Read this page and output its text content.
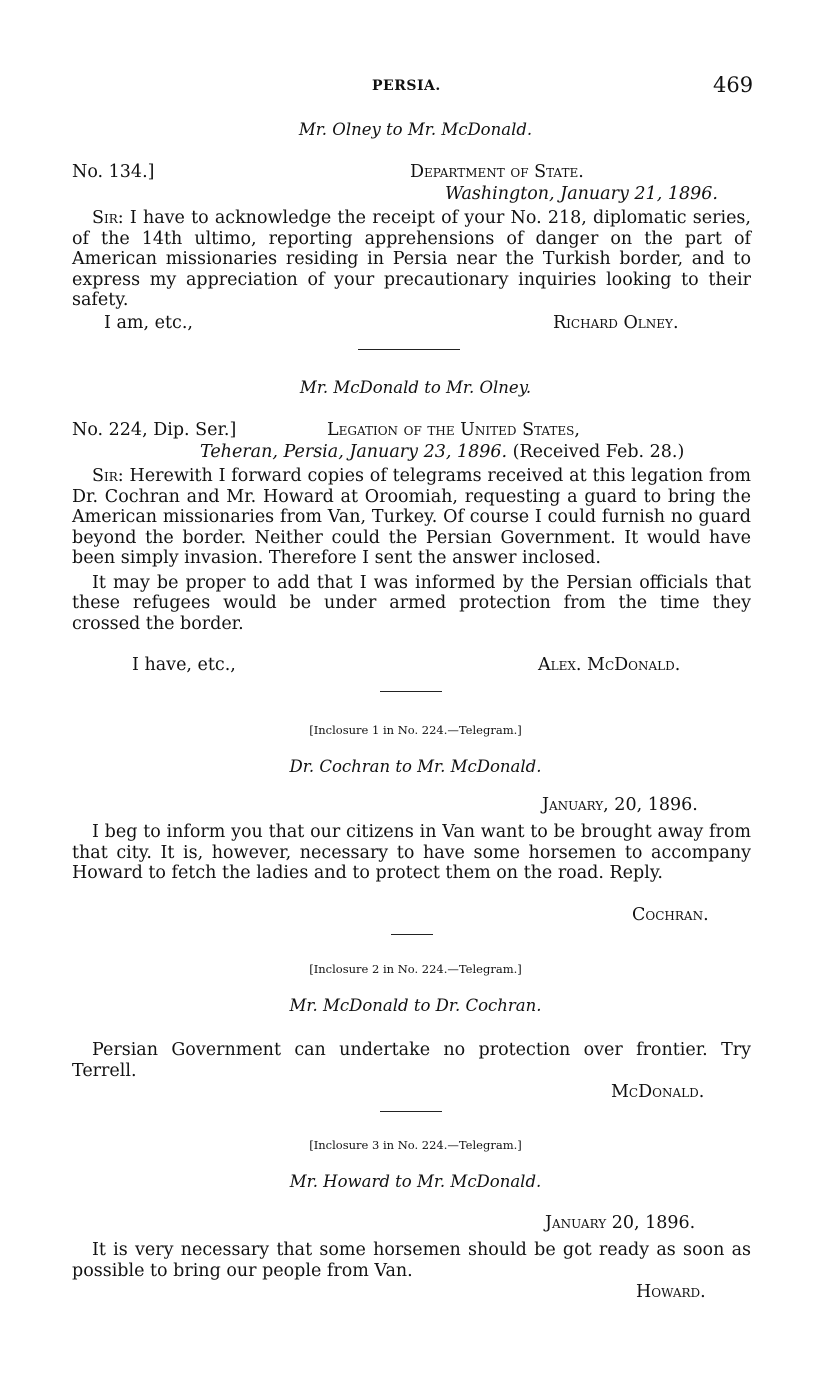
PERSIA.	469
Mr. Olney to Mr. McDonald.
No. 134.]	Department of State.
Washington, January 21, 1896.

Sir: I have to acknowledge the receipt of your No. 218, diplomatic series, of the 14th ultimo, reporting apprehensions of danger on the part of American missionaries residing in Persia near the Turkish border, and to express my appreciation of your precautionary inquiries looking to their safety.

I am, etc.,	Richard Olney.
Mr. McDonald to Mr. Olney.
No. 224, Dip. Ser.]	Legation of the United States,
Teheran, Persia, January 23, 1896. (Received Feb. 28.)

Sir: Herewith I forward copies of telegrams received at this legation from Dr. Cochran and Mr. Howard at Oroomiah, requesting a guard to bring the American missionaries from Van, Turkey. Of course I could furnish no guard beyond the border. Neither could the Persian Government. It would have been simply invasion. Therefore I sent the answer inclosed.

It may be proper to add that I was informed by the Persian officials that these refugees would be under armed protection from the time they crossed the border.

I have, etc.,	Alex. McDonald.
[Inclosure 1 in No. 224.—Telegram.]
Dr. Cochran to Mr. McDonald.
January, 20, 1896.

I beg to inform you that our citizens in Van want to be brought away from that city. It is, however, necessary to have some horsemen to accompany Howard to fetch the ladies and to protect them on the road. Reply.

Cochran.
[Inclosure 2 in No. 224.—Telegram.]
Mr. McDonald to Dr. Cochran.

Persian Government can undertake no protection over frontier. Try Terrell.

McDonald.
[Inclosure 3 in No. 224.—Telegram.]
Mr. Howard to Mr. McDonald.
January 20, 1896.

It is very necessary that some horsemen should be got ready as soon as possible to bring our people from Van.

Howard.
